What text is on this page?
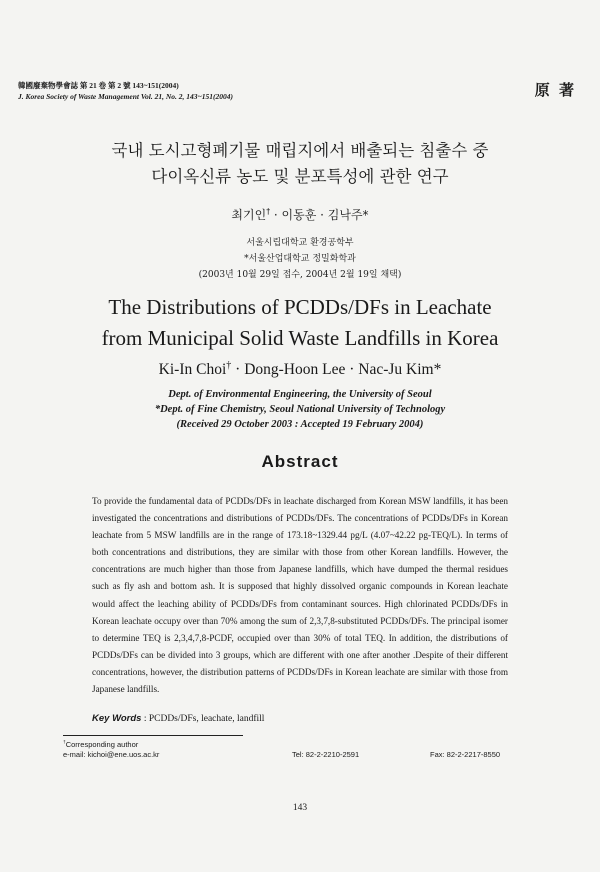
韓國廢棄物學會誌 第 21 卷 第 2 號 143~151(2004)
J. Korea Society of Waste Management Vol. 21, No. 2, 143~151(2004)	原 著
국내 도시고형폐기물 매립지에서 배출되는 침출수 중
다이옥신류 농도 및 분포특성에 관한 연구
최기인† · 이동훈 · 김낙주*
서울시립대학교 환경공학부
*서울산업대학교 정밀화학과
(2003년 10월 29일 접수, 2004년 2월 19일 채택)
The Distributions of PCDDs/DFs in Leachate
from Municipal Solid Waste Landfills in Korea
Ki-In Choi† · Dong-Hoon Lee · Nac-Ju Kim*
Dept. of Environmental Engineering, the University of Seoul
*Dept. of Fine Chemistry, Seoul National University of Technology
(Received 29 October 2003 : Accepted 19 February 2004)
Abstract

To provide the fundamental data of PCDDs/DFs in leachate discharged from Korean MSW landfills, it has been investigated the concentrations and distributions of PCDDs/DFs. The concentrations of PCDDs/DFs in Korean leachate from 5 MSW landfills are in the range of 173.18~1329.44 pg/L (4.07~42.22 pg-TEQ/L). In terms of both concentrations and distributions, they are similar with those from other Korean landfills. However, the concentrations are much higher than those from Japanese landfills, which have dumped the thermal residues such as fly ash and bottom ash. It is supposed that highly dissolved organic compounds in Korean leachate would affect the leaching ability of PCDDs/DFs from contaminant sources. High chlorinated PCDDs/DFs in Korean leachate occupy over than 70% among the sum of 2,3,7,8-substituted PCDDs/DFs. The principal isomer to determine TEQ is 2,3,4,7,8-PCDF, occupied over than 30% of total TEQ. In addition, the distributions of PCDDs/DFs can be divided into 3 groups, which are different with one after another .Despite of their different concentrations, however, the distribution patterns of PCDDs/DFs in Korean leachate are similar with those from Japanese landfills.

Key Words : PCDDs/DFs, leachate, landfill
†Corresponding author
e-mail: kichoi@ene.uos.ac.kr	Tel: 82-2-2210-2591	Fax: 82-2-2217-8550
143
